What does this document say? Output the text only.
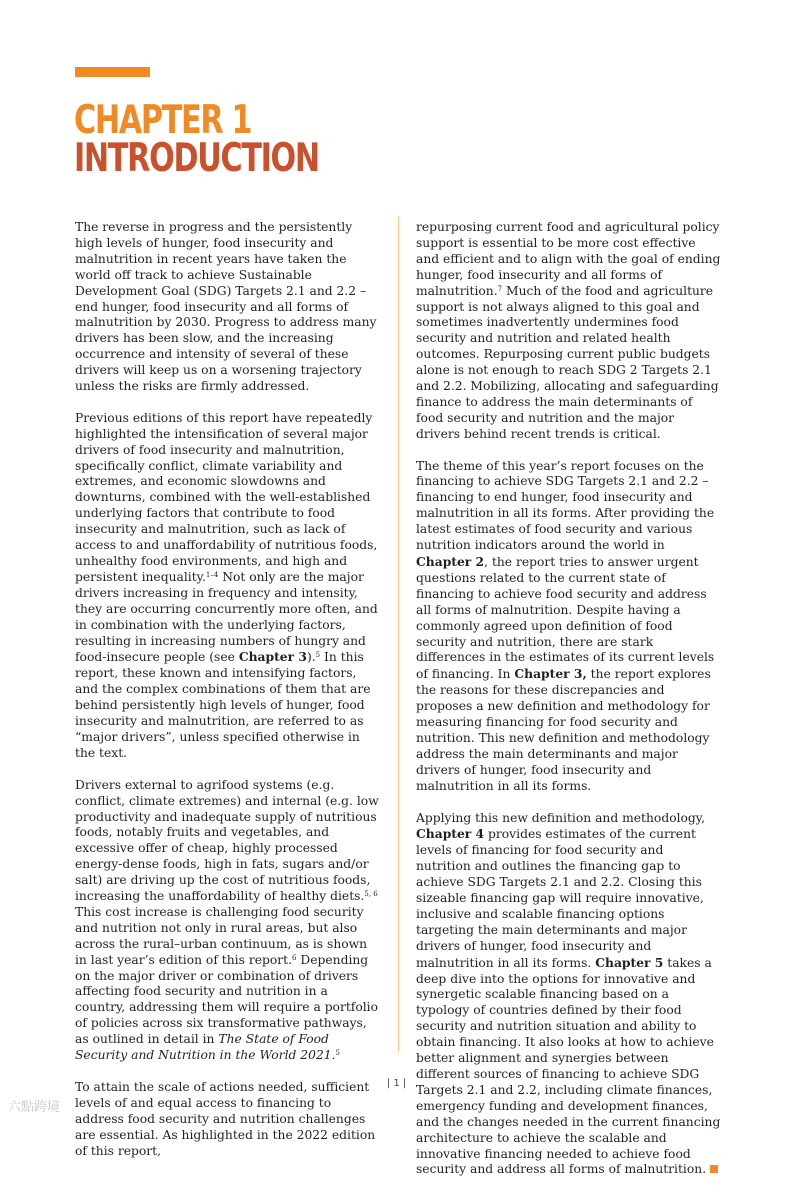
CHAPTER 1
INTRODUCTION

The reverse in progress and the persistently high levels of hunger, food insecurity and malnutrition in recent years have taken the world off track to achieve Sustainable Development Goal (SDG) Targets 2.1 and 2.2 – end hunger, food insecurity and all forms of malnutrition by 2030. Progress to address many drivers has been slow, and the increasing occurrence and intensity of several of these drivers will keep us on a worsening trajectory unless the risks are firmly addressed.

Previous editions of this report have repeatedly highlighted the intensification of several major drivers of food insecurity and malnutrition, specifically conflict, climate variability and extremes, and economic slowdowns and downturns, combined with the well-established underlying factors that contribute to food insecurity and malnutrition, such as lack of access to and unaffordability of nutritious foods, unhealthy food environments, and high and persistent inequality.$^{1-4}$ Not only are the major drivers increasing in frequency and intensity, they are occurring concurrently more often, and in combination with the underlying factors, resulting in increasing numbers of hungry and food-insecure people (see Chapter 3).$^5$ In this report, these known and intensifying factors, and the complex combinations of them that are behind persistently high levels of hunger, food insecurity and malnutrition, are referred to as “major drivers”, unless specified otherwise in the text.

Drivers external to agrifood systems (e.g. conflict, climate extremes) and internal (e.g. low productivity and inadequate supply of nutritious foods, notably fruits and vegetables, and excessive offer of cheap, highly processed energy-dense foods, high in fats, sugars and/or salt) are driving up the cost of nutritious foods, increasing the unaffordability of healthy diets.$^{5, 6}$ This cost increase is challenging food security and nutrition not only in rural areas, but also across the rural–urban continuum, as is shown in last year’s edition of this report.$^6$ Depending on the major driver or combination of drivers affecting food security and nutrition in a country, addressing them will require a portfolio of policies across six transformative pathways, as outlined in detail in The State of Food Security and Nutrition in the World 2021.$^5$

To attain the scale of actions needed, sufficient levels of and equal access to financing to address food security and nutrition challenges are essential. As highlighted in the 2022 edition of this report,

repurposing current food and agricultural policy support is essential to be more cost effective and efficient and to align with the goal of ending hunger, food insecurity and all forms of malnutrition.$^7$ Much of the food and agriculture support is not always aligned to this goal and sometimes inadvertently undermines food security and nutrition and related health outcomes. Repurposing current public budgets alone is not enough to reach SDG 2 Targets 2.1 and 2.2. Mobilizing, allocating and safeguarding finance to address the main determinants of food security and nutrition and the major drivers behind recent trends is critical.

The theme of this year’s report focuses on the financing to achieve SDG Targets 2.1 and 2.2 – financing to end hunger, food insecurity and malnutrition in all its forms. After providing the latest estimates of food security and various nutrition indicators around the world in Chapter 2, the report tries to answer urgent questions related to the current state of financing to achieve food security and address all forms of malnutrition. Despite having a commonly agreed upon definition of food security and nutrition, there are stark differences in the estimates of its current levels of financing. In Chapter 3, the report explores the reasons for these discrepancies and proposes a new definition and methodology for measuring financing for food security and nutrition. This new definition and methodology address the main determinants and major drivers of hunger, food insecurity and malnutrition in all its forms.

Applying this new definition and methodology, Chapter 4 provides estimates of the current levels of financing for food security and nutrition and outlines the financing gap to achieve SDG Targets 2.1 and 2.2. Closing this sizeable financing gap will require innovative, inclusive and scalable financing options targeting the main determinants and major drivers of hunger, food insecurity and malnutrition in all its forms. Chapter 5 takes a deep dive into the options for innovative and synergetic scalable financing based on a typology of countries defined by their food security and nutrition situation and ability to obtain financing. It also looks at how to achieve better alignment and synergies between different sources of financing to achieve SDG Targets 2.1 and 2.2, including climate finances, emergency funding and development finances, and the changes needed in the current financing architecture to achieve the scalable and innovative financing needed to achieve food security and address all forms of malnutrition.

| 1 |
六點跨境
